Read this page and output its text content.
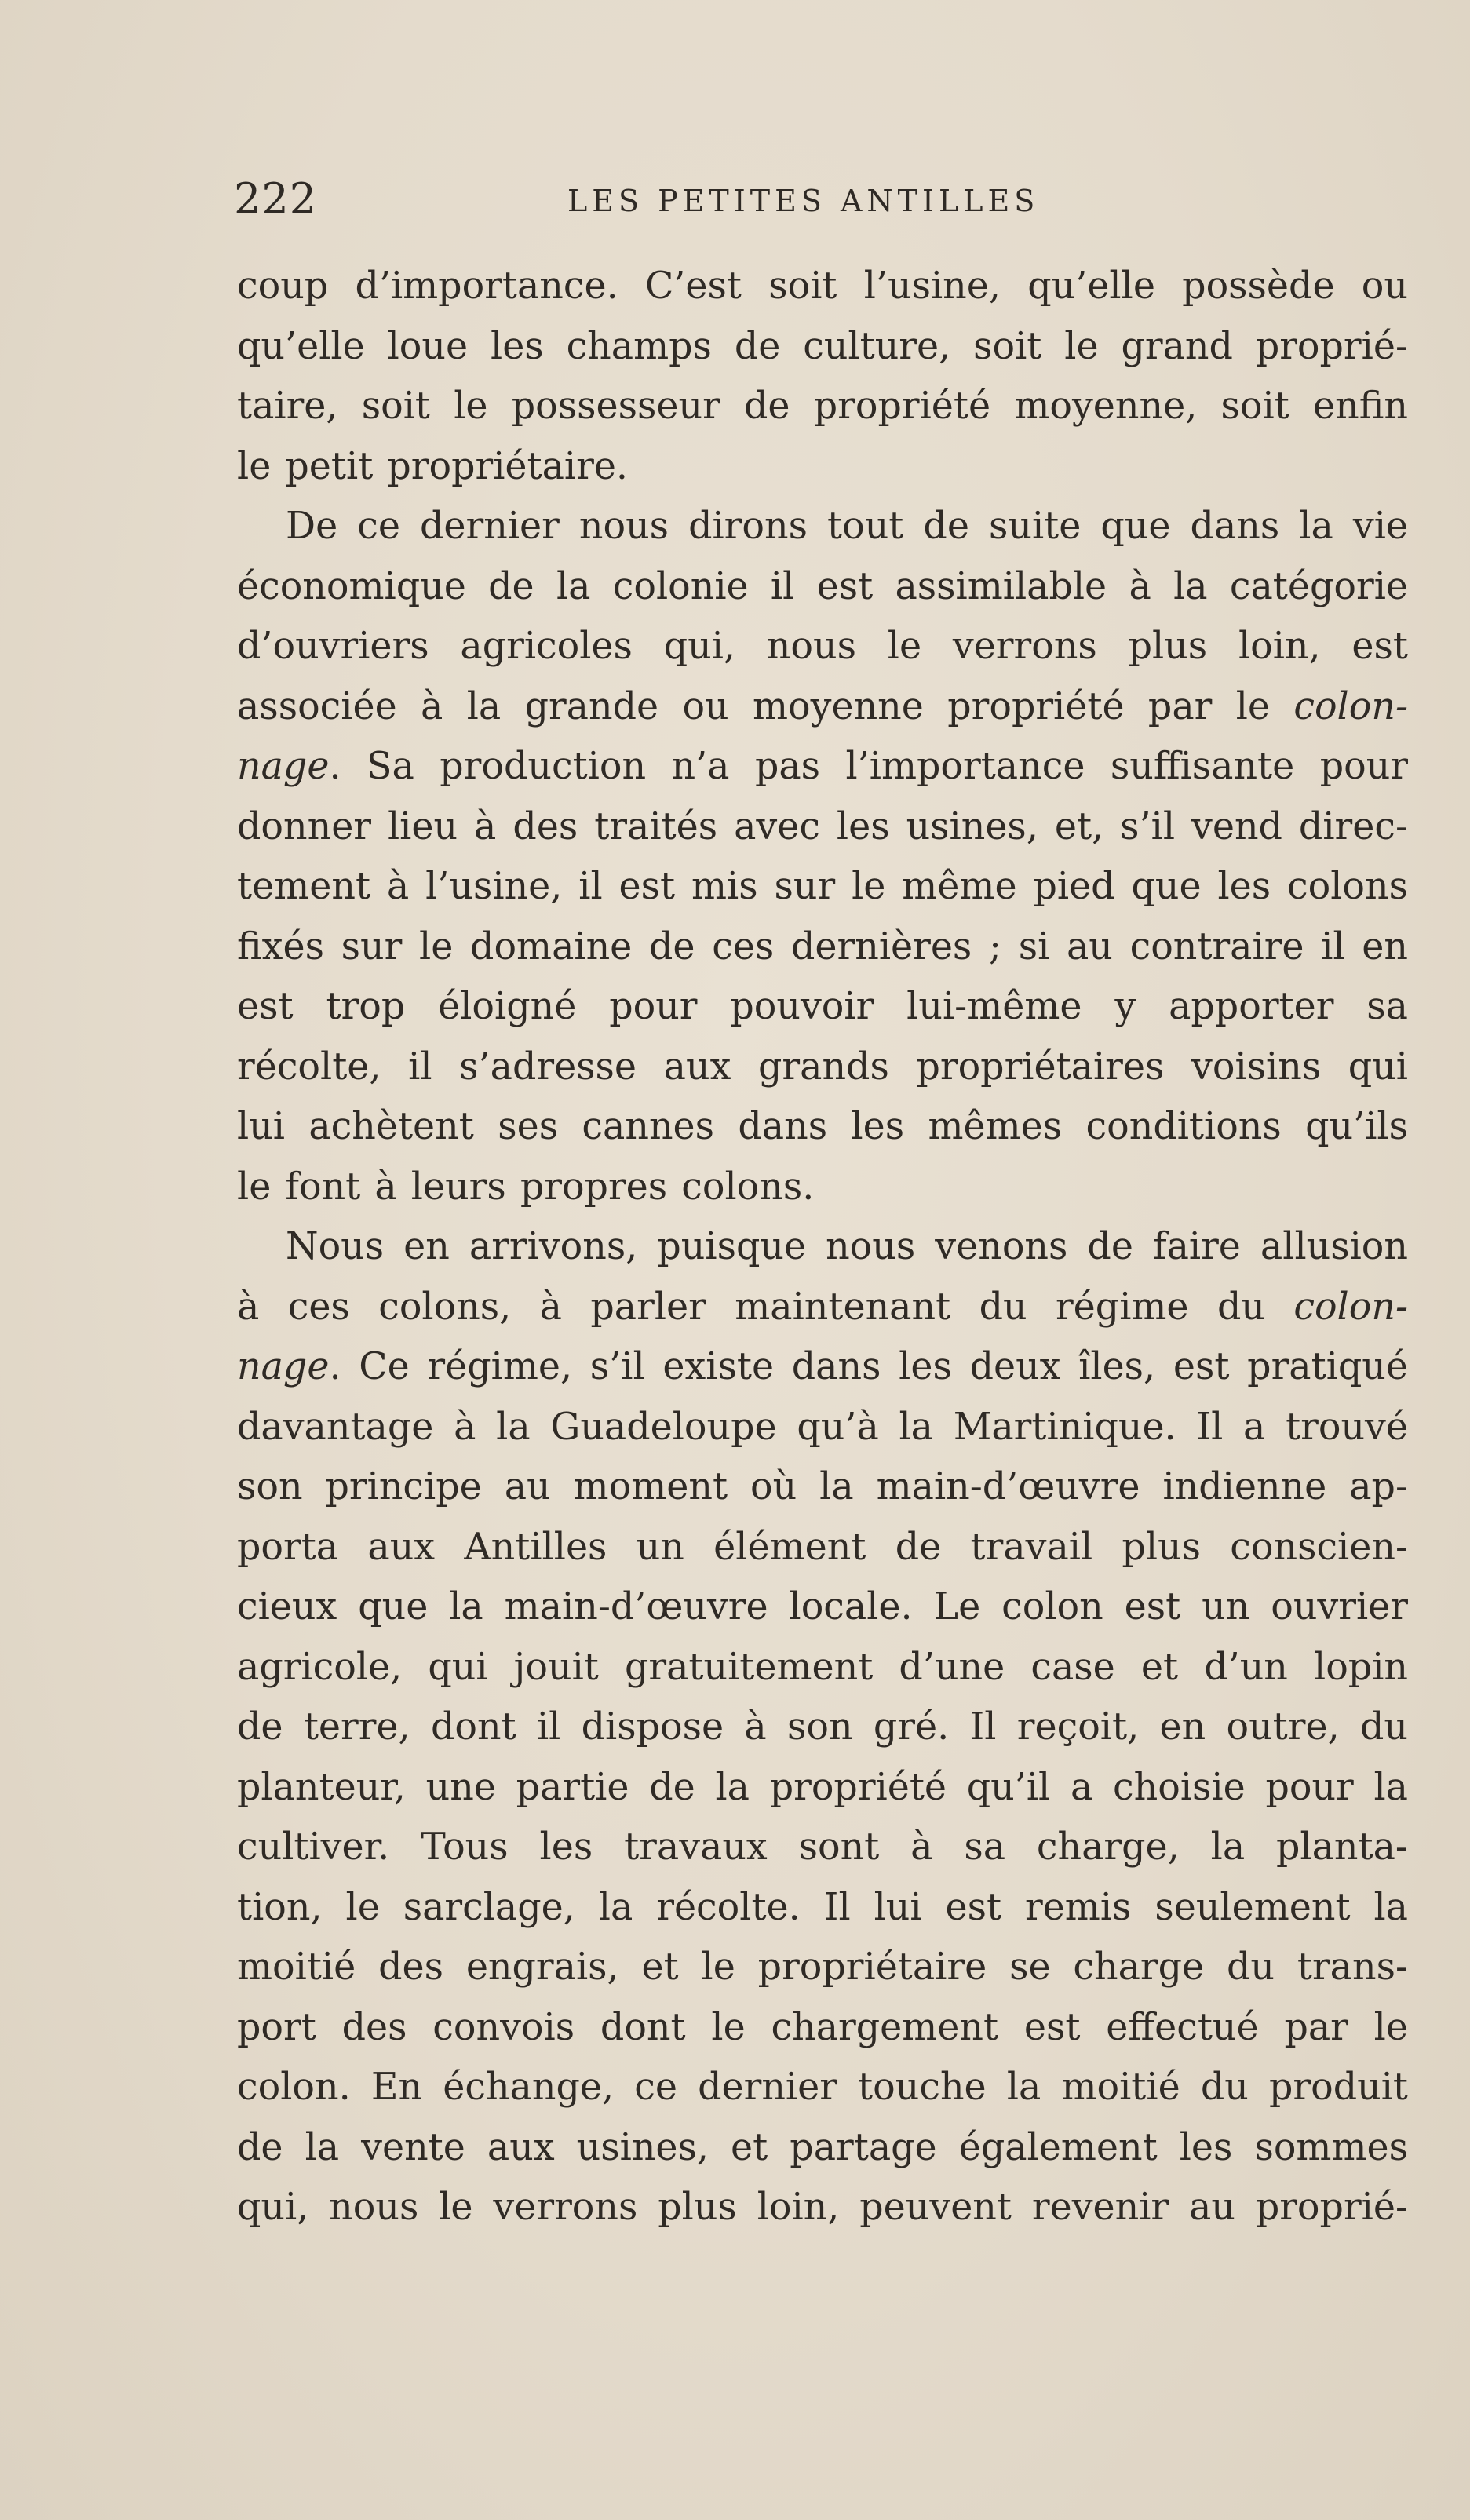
222	LES PETITES ANTILLES
coup d’importance. C’est soit l’usine, qu’elle possède ou
qu’elle loue les champs de culture, soit le grand proprié-
taire, soit le possesseur de propriété moyenne, soit enfin
le petit propriétaire.
De ce dernier nous dirons tout de suite que dans la vie
économique de la colonie il est assimilable à la catégorie
d’ouvriers agricoles qui, nous le verrons plus loin, est
associée à la grande ou moyenne propriété par le colon-
nage. Sa production n’a pas l’importance suffisante pour
donner lieu à des traités avec les usines, et, s’il vend direc-
tement à l’usine, il est mis sur le même pied que les colons
fixés sur le domaine de ces dernières ; si au contraire il en
est trop éloigné pour pouvoir lui-même y apporter sa
récolte, il s’adresse aux grands propriétaires voisins qui
lui achètent ses cannes dans les mêmes conditions qu’ils
le font à leurs propres colons.
Nous en arrivons, puisque nous venons de faire allusion
à ces colons, à parler maintenant du régime du colon-
nage. Ce régime, s’il existe dans les deux îles, est pratiqué
davantage à la Guadeloupe qu’à la Martinique. Il a trouvé
son principe au moment où la main-d’œuvre indienne ap-
porta aux Antilles un élément de travail plus conscien-
cieux que la main-d’œuvre locale. Le colon est un ouvrier
agricole, qui jouit gratuitement d’une case et d’un lopin
de terre, dont il dispose à son gré. Il reçoit, en outre, du
planteur, une partie de la propriété qu’il a choisie pour la
cultiver. Tous les travaux sont à sa charge, la planta-
tion, le sarclage, la récolte. Il lui est remis seulement la
moitié des engrais, et le propriétaire se charge du trans-
port des convois dont le chargement est effectué par le
colon. En échange, ce dernier touche la moitié du produit
de la vente aux usines, et partage également les sommes
qui, nous le verrons plus loin, peuvent revenir au proprié-
